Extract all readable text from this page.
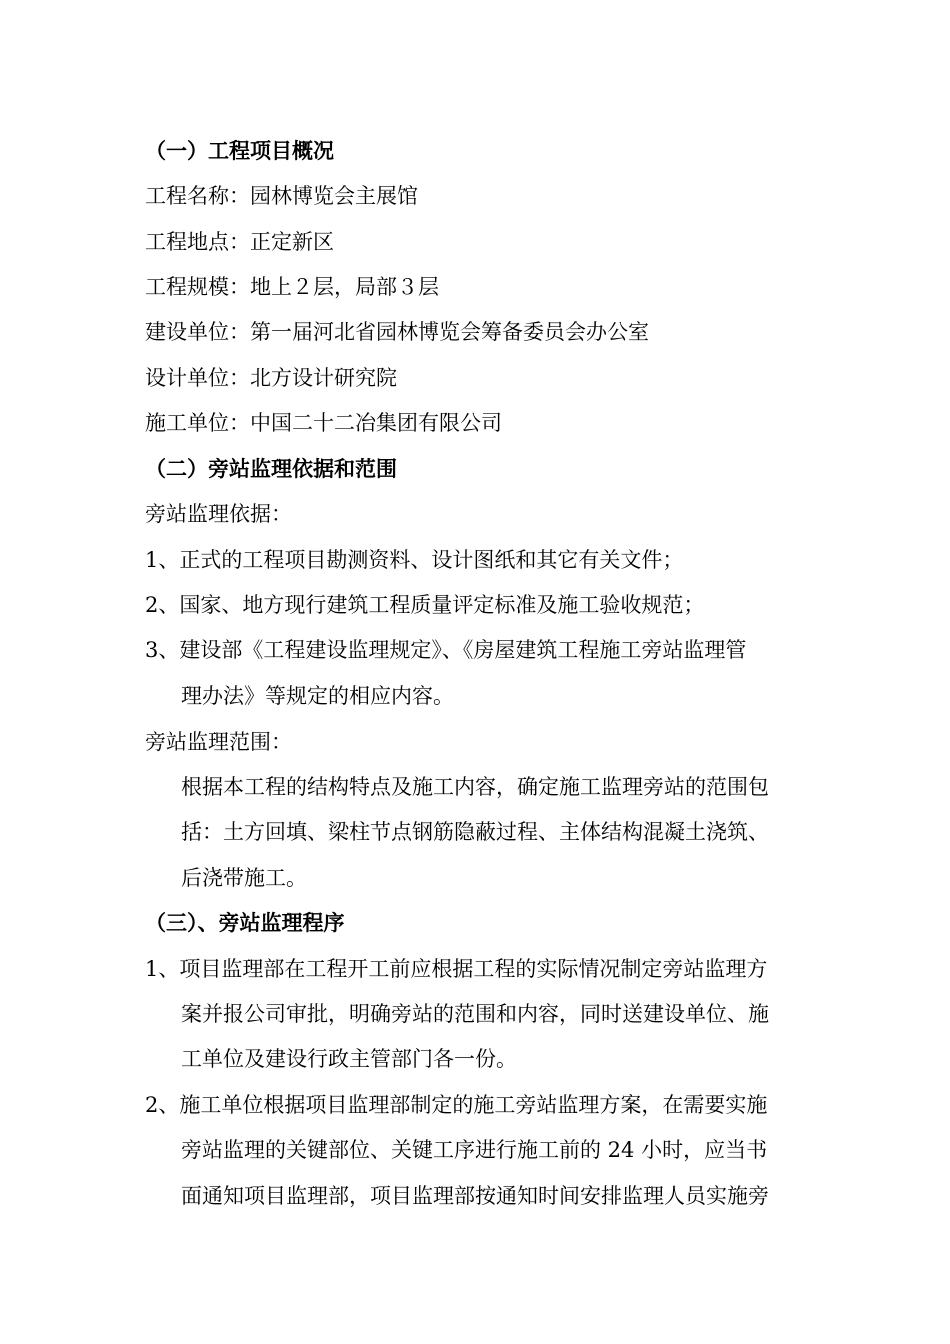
（一）工程项目概况
工程名称：园林博览会主展馆
工程地点：正定新区
工程规模：地上２层，局部３层
建设单位：第一届河北省园林博览会筹备委员会办公室
设计单位：北方设计研究院
施工单位：中国二十二冶集团有限公司
（二）旁站监理依据和范围
旁站监理依据：
1、正式的工程项目勘测资料、设计图纸和其它有关文件；
2、国家、地方现行建筑工程质量评定标准及施工验收规范；
3、建设部《工程建设监理规定》、《房屋建筑工程施工旁站监理管
理办法》等规定的相应内容。
旁站监理范围：
根据本工程的结构特点及施工内容，确定施工监理旁站的范围包
括：土方回填、梁柱节点钢筋隐蔽过程、主体结构混凝土浇筑、
后浇带施工。
（三）、旁站监理程序
1、项目监理部在工程开工前应根据工程的实际情况制定旁站监理方
案并报公司审批，明确旁站的范围和内容，同时送建设单位、施
工单位及建设行政主管部门各一份。
2、施工单位根据项目监理部制定的施工旁站监理方案，在需要实施
旁站监理的关键部位、关键工序进行施工前的 24 小时，应当书
面通知项目监理部，项目监理部按通知时间安排监理人员实施旁
